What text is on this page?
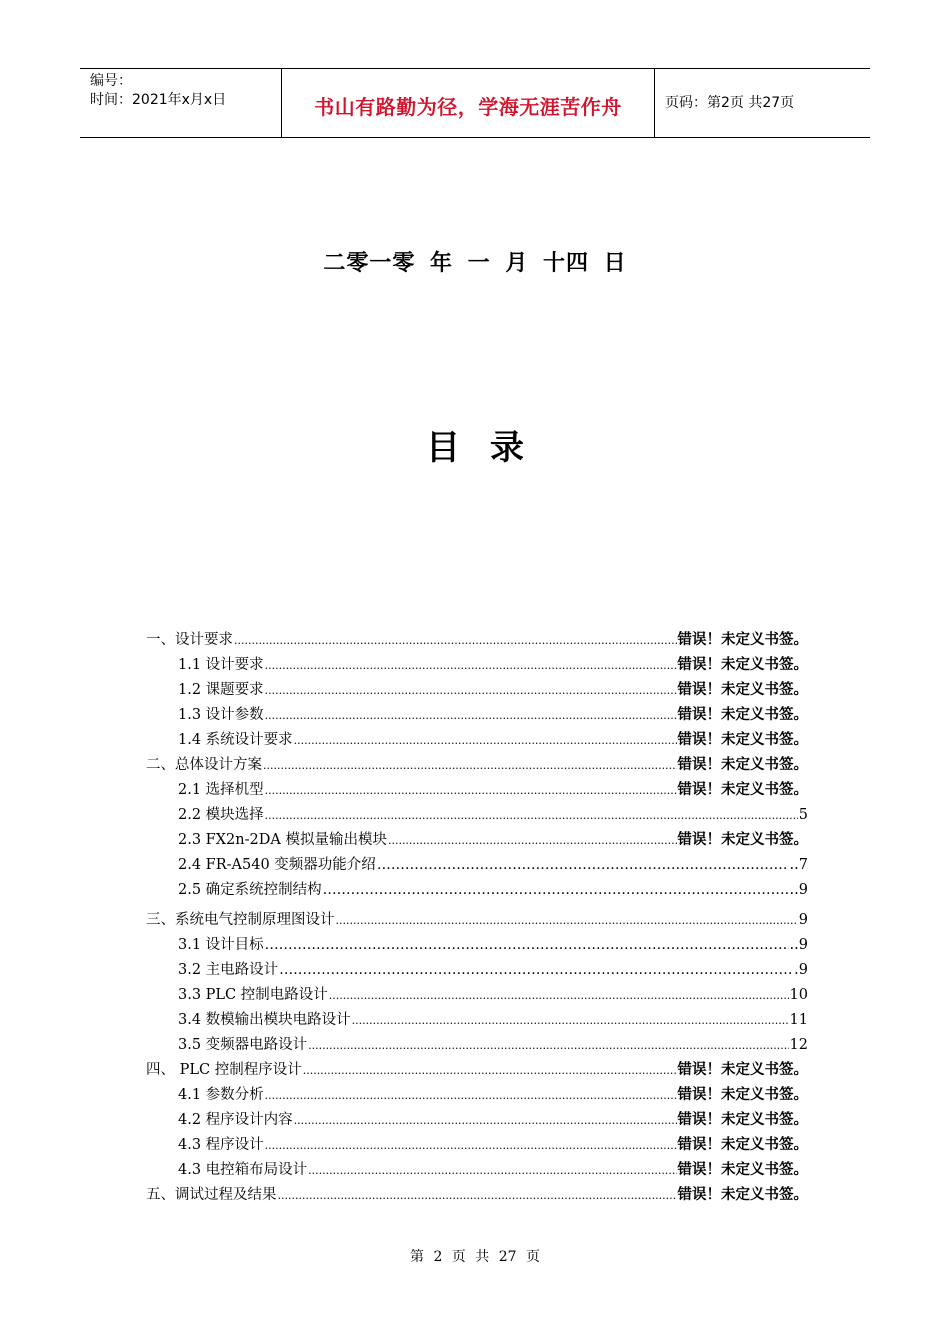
编号：
时间：2021年x月x日	书山有路勤为径，学海无涯苦作舟	页码：第2页 共27页
二零一零 年 一 月 十四 日
目录
一、设计要求 .....	错误！未定义书签。
1.1 设计要求 .....	错误！未定义书签。
1.2 课题要求 .....	错误！未定义书签。
1.3 设计参数 .....	错误！未定义书签。
1.4 系统设计要求 .....	错误！未定义书签。
二、总体设计方案 .....	错误！未定义书签。
2.1 选择机型 .....	错误！未定义书签。
2.2 模块选择 .....	5
2.3 FX2n-2DA 模拟量输出模块 .....	错误！未定义书签。
2.4 FR-A540 变频器功能介绍 ……………………………………………………………………………………………………………………………………………………………………………………………………………………	..7
2.5 确定系统控制结构 ……………………………………………………………………………………………………………………………………………………………………………………………………………………	..9
三、系统电气控制原理图设计 .....	9
3.1 设计目标 ……………………………………………………………………………………………………………………………………………………………………………………………………………………	..9
3.2 主电路设计 ……………………………………………………………………………………………………………………………………………………………………………………………………………………	.9
3.3 PLC 控制电路设计 .....	10
3.4 数模输出模块电路设计 .....	11
3.5 变频器电路设计 .....	12
四、 PLC 控制程序设计 .....	错误！未定义书签。
4.1 参数分析 .....	错误！未定义书签。
4.2 程序设计内容 .....	错误！未定义书签。
4.3 程序设计 .....	错误！未定义书签。
4.3 电控箱布局设计 .....	错误！未定义书签。
五、调试过程及结果 .....	错误！未定义书签。
第 2 页 共 27 页
